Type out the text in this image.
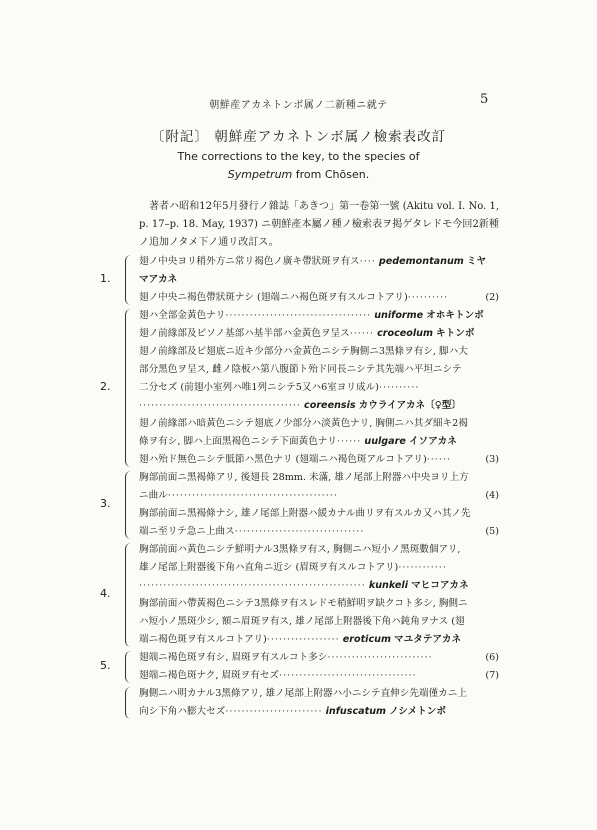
朝鮮産アカネトンボ属ノ二新種ニ就テ	5
〔附記〕 朝鮮産アカネトンボ属ノ檢索表改訂
The corrections to the key, to the species of
Sympetrum from Chōsen.
著者ハ昭和12年5月發行ノ雜誌「あきつ」第一卷第一號 (Akitu vol. I. No. 1, p. 17–p. 18. May, 1937) ニ朝鮮產本屬ノ種ノ檢索表ヲ掲ゲタレドモ今回2新種ノ追加ノタメ下ノ通リ改訂ス。
翅ノ中央ヨリ稍外方ニ常リ褐色ノ廣キ帶狀斑ヲ有ス···· pedemontanum ミヤ
マアカネ
翅ノ中央ニ褐色帶狀斑ナシ (翅端ニハ褐色斑ヲ有スルコトアリ)··········	(2)
1.
翅ハ全部金黃色ナリ···································· uniforme オホキトンボ
翅ノ前緣部及ビソノ基部ハ基半部ハ金黃色ヲ呈ス······ croceolum キトンボ
翅ノ前緣部及ビ翅底ニ近キ少部分ハ金黃色ニシテ胸側ニ3黑條ヲ有シ, 脚ハ大
部分黑色ヲ呈ス, 雌ノ陰板ハ第八腹節ト殆ド同長ニシテ其先端ハ平坦ニシテ
二分セズ (前翅小室列ハ唯1列ニシテ5又ハ6室ヨリ成ル)··········
········································ coreensis カウライアカネ〔♀型〕
翅ノ前緣部ハ暗黃色ニシテ翅底ノ少部分ハ淡黃色ナリ, 胸側ニハ其ダ細キ2褐
條ヲ有シ, 脚ハ上面黑褐色ニシテ下面黃色ナリ······ uulgare イソアカネ
翅ハ殆ド無色ニシテ胝節ハ黑色ナリ (翅端ニハ褐色斑アルコトアリ)······	(3)
2.
胸部前面ニ黑褐條アリ, 後翅長 28mm. 未滿, 雄ノ尾部上附器ハ中央ヨリ上方
ニ曲ル··········································	(4)
胸部前面ニ黑褐條ナシ, 雄ノ尾部上附器ハ緩カナル曲リヲ有スルカ又ハ其ノ先
端ニ至リテ急ニ上曲ス································	(5)
3.
胸部前面ハ黃色ニシテ鮮明ナル3黑條ヲ有ス, 胸側ニハ短小ノ黑斑數個アリ,
雄ノ尾部上附器後下角ハ直角ニ近シ (眉斑ヲ有スルコトアリ)············
························································ kunkeli マヒコアカネ
胸部前面ハ帶黃褐色ニシテ3黑條ヲ有スレドモ稍鮮明ヲ缺クコト多シ, 胸側ニ
ハ短小ノ黑斑少シ, 額ニ眉斑ヲ有ス, 雄ノ尾部上附器後下角ハ鈍角ヲナス (翅
端ニ褐色斑ヲ有スルコトアリ)·················· eroticum マユタテアカネ
4.
翅端ニ褐色斑ヲ有シ, 眉斑ヲ有スルコト多シ··························	(6)
翅端ニ褐色斑ナク, 眉斑ヲ有セズ··································	(7)
5.
胸側ニハ明カナル3黑條アリ, 雄ノ尾部上附器ハ小ニシテ直伸シ先端僅カニ上
向シ下角ハ膨大セズ························ infuscatum ノシメトンボ
